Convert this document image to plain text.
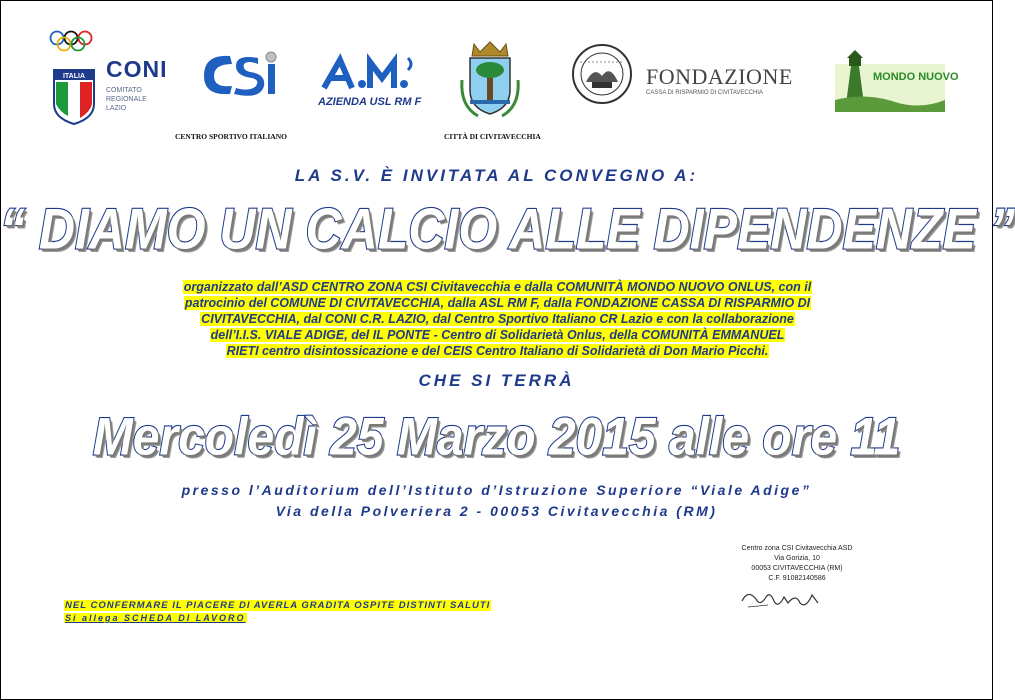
ITALIA CONI
COMITATO REGIONALE LAZIO
CENTRO SPORTIVO ITALIANO
AZIENDA USL RM F
CITTÀ DI CIVITAVECCHIA
FONDAZIONE
CASSA DI RISPARMIO DI CIVITAVECCHIA
MONDO NUOVO
LA S.V. È INVITATA AL CONVEGNO A:
“ DIAMO UN CALCIO ALLE DIPENDENZE ”
organizzato dall’ASD CENTRO ZONA CSI Civitavecchia e dalla COMUNITÀ MONDO NUOVO ONLUS, con il
patrocinio del COMUNE DI CIVITAVECCHIA, dalla ASL RM F, dalla FONDAZIONE CASSA DI RISPARMIO DI
CIVITAVECCHIA, dal CONI C.R. LAZIO, dal Centro Sportivo Italiano CR Lazio e con la collaborazione
dell’I.I.S. VIALE ADIGE, del IL PONTE - Centro di Solidarietà Onlus, della COMUNITÀ EMMANUEL
RIETI centro disintossicazione e del CEIS Centro Italiano di Solidarietà di Don Mario Picchi.
CHE SI TERRÀ
Mercoledì 25 Marzo 2015 alle ore 11
presso l’Auditorium dell’Istituto d’Istruzione Superiore “Viale Adige”
Via della Polveriera 2 - 00053 Civitavecchia (RM)
Centro zona CSI Civitavecchia ASD
Via Gorizia, 10
00053 CIVITAVECCHIA (RM)
C.F. 91082140586
NEL CONFERMARE IL PIACERE DI AVERLA GRADITA OSPITE DISTINTI SALUTI
Si allega SCHEDA DI LAVORO
